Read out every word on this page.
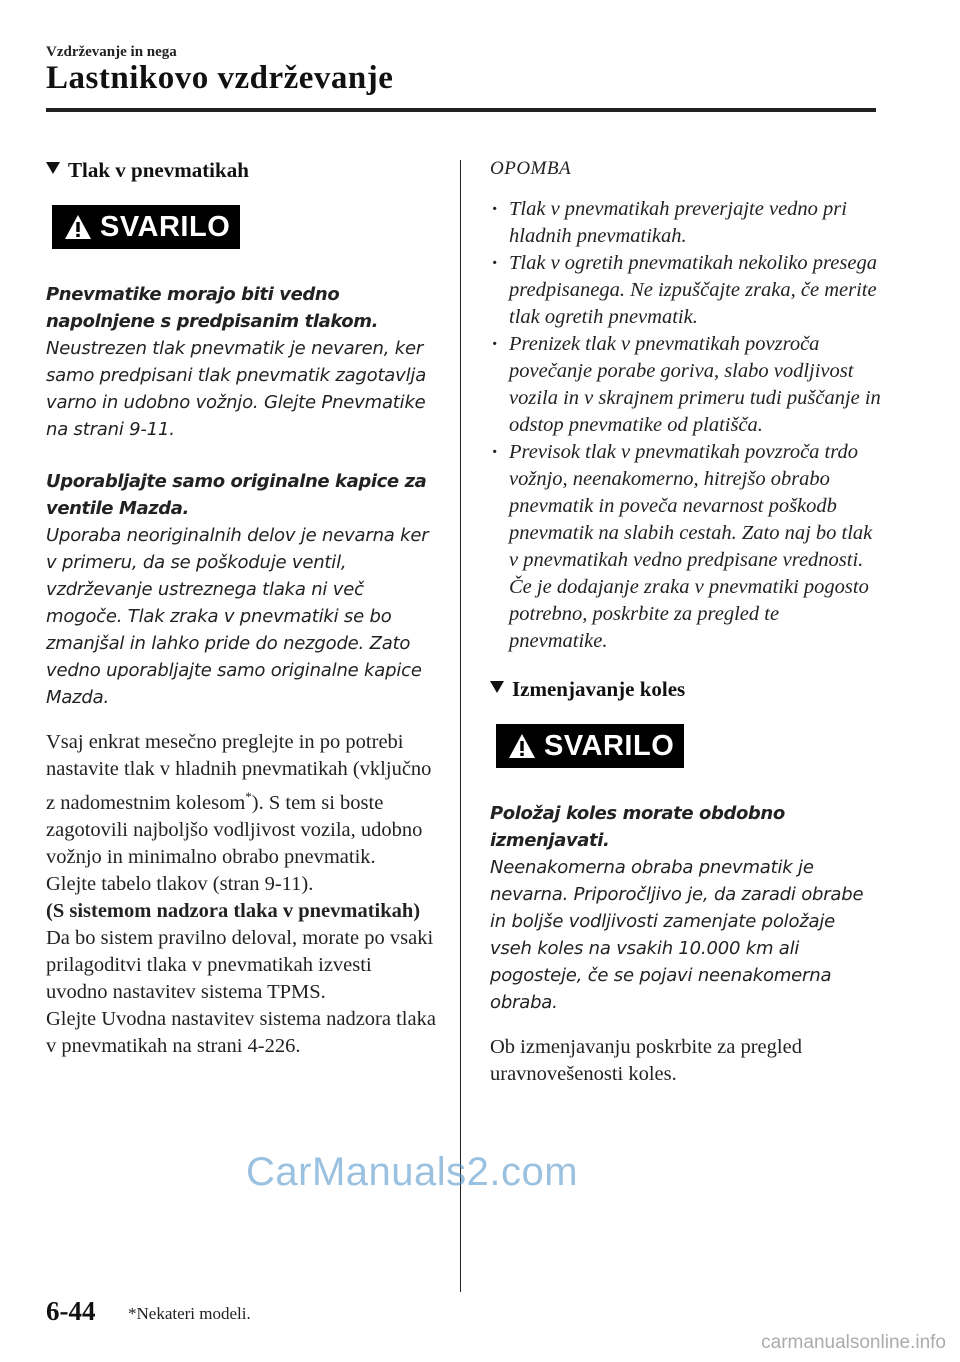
Vzdrževanje in nega
Lastnikovo vzdrževanje
Tlak v pnevmatikah
SVARILO

Pnevmatike morajo biti vedno napolnjene s predpisanim tlakom.

Neustrezen tlak pnevmatik je nevaren, ker samo predpisani tlak pnevmatik zagotavlja varno in udobno vožnjo. Glejte Pnevmatike na strani 9-11.

Uporabljajte samo originalne kapice za ventile Mazda.

Uporaba neoriginalnih delov je nevarna ker v primeru, da se poškoduje ventil, vzdrževanje ustreznega tlaka ni več mogoče. Tlak zraka v pnevmatiki se bo zmanjšal in lahko pride do nezgode. Zato vedno uporabljajte samo originalne kapice Mazda.

Vsaj enkrat mesečno preglejte in po potrebi nastavite tlak v hladnih pnevmatikah (vključno z nadomestnim kolesom*). S tem si boste zagotovili najboljšo vodljivost vozila, udobno vožnjo in minimalno obrabo pnevmatik.

Glejte tabelo tlakov (stran 9-11).

(S sistemom nadzora tlaka v pnevmatikah)

Da bo sistem pravilno deloval, morate po vsaki prilagoditvi tlaka v pnevmatikah izvesti uvodno nastavitev sistema TPMS.

Glejte Uvodna nastavitev sistema nadzora tlaka v pnevmatikah na strani 4-226.

OPOMBA

· Tlak v pnevmatikah preverjajte vedno pri hladnih pnevmatikah.
· Tlak v ogretih pnevmatikah nekoliko presega predpisanega. Ne izpuščajte zraka, če merite tlak ogretih pnevmatik.
· Prenizek tlak v pnevmatikah povzroča povečanje porabe goriva, slabo vodljivost vozila in v skrajnem primeru tudi puščanje in odstop pnevmatike od platišča.
· Previsok tlak v pnevmatikah povzroča trdo vožnjo, neenakomerno, hitrejšo obrabo pnevmatik in poveča nevarnost poškodb pnevmatik na slabih cestah. Zato naj bo tlak v pnevmatikah vedno predpisane vrednosti. Če je dodajanje zraka v pnevmatiki pogosto potrebno, poskrbite za pregled te pnevmatike.
Izmenjavanje koles
SVARILO

Položaj koles morate obdobno izmenjavati.

Neenakomerna obraba pnevmatik je nevarna. Priporočljivo je, da zaradi obrabe in boljše vodljivosti zamenjate položaje vseh koles na vsakih 10.000 km ali pogosteje, če se pojavi neenakomerna obraba.

Ob izmenjavanju poskrbite za pregled uravnovešenosti koles.

CarManuals2.com
6-44 *Nekateri modeli.
carmanualsonline.info
